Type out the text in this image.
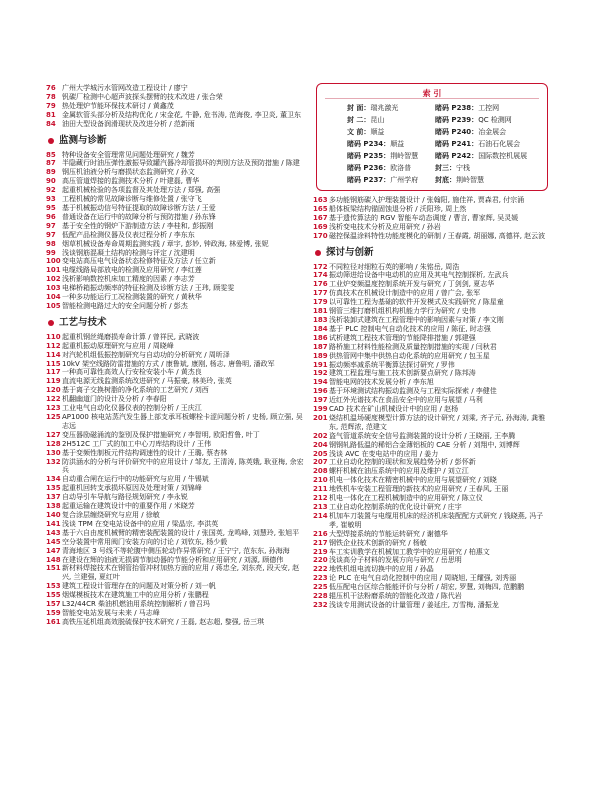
76 广州大学城污水管网改造工程设计 / 廖宁
78 钒碳厂检测中心超声波探头摆臂的技术改进 / 张合荣
79 热处理炉节能环保技术研讨 / 黄鑫茂
81 金属软管头部分析及结构优化 / 宋金花, 牛静, 危书涛, 范海俊, 李卫炎, 董卫东
84 油田大型设备润滑现状及改进分析 / 范新雨
监测与诊断
85 特种设备安全管理常见问题处理研究 / 魏芳
87 半隐藏行时油压弹性激振导致罐汽器冷却管损坏的判别方法及预防措施 / 陈建
89 钢压机油液分析与磨损状态监测研究 / 孙文
90 高压管道焊接的监测技术分析 / 叶建磊, 曹华
92 起重机械检验的各项监督及其处理方法 / 郑强, 高强
93 工程机械的常见故障诊断与维修处置 / 张守飞
95 基于机械振动信号特征提取的故障诊断方法 / 王爱
96 普通设备在运行中的故障分析与预防措施 / 孙东锋
97 基于安全性的钢炉下游制造方法 / 李桂和, 彭振刚
97 低配产品检测仪器及仪表过程分析 / 李东东
98 烟草机械设备寿命周期监测实践 / 章宇, 彭妙, 钟政海, 林爱博, 张妮
99 浅谈钢筋混凝土结构的检测与评定 / 沈建明
100 变电站高压电气设备状态检修特征及方法 / 任立新
101 电缆线路局部放电的检测及应用研究 / 李红莲
102 浅析影响数控机床加工精度的因素 / 李志芳
103 电梯桥箱振动频率的特征检测及诊断方法 / 王玮, 顾雯雯
104 一种多功能运行工况检测装置的研究 / 黄秋华
105 智能检测电路过大的安全问题分析 / 彭杰
工艺与技术
110 起重机钢丝绳磨损寿命计算 / 曾祥民, 武晓波
112 起重机振动原理研究与应用 / 周晓峰
114 对汽轮机组低振控制研究与自动功的分析研究 / 周昕泽
115 10kV 架空线路防雷措施的方式 / 康鲁斌, 康刚, 杨志, 唐鲁明, 潘政军
117 一种高可靠性高效人行安检安装小车 / 黄杰良
119 直流电源无线监测系统改进研究 / 马振豪, 林美玲, 张英
120 基于离子交换树脂的净化系统的工艺研究 / 刘西
122 机翻幽道门的设计及分析 / 李春阳
123 工业电气自动化仪器仪表的控制分析 / 王庆江
125 AP1000 核电站蒸汽发生器上部支承耳板螺栓卡涩问题分析 / 史杨, 顾立强, 吴志远
127 变压器励磁涌流的鉴别及保护措施研究 / 李智明, 欧阳哲鲁, 叶丁
128 2H512C 工厂式的加工中心刀库结构设计 / 王伟
130 基于变频性制板元件结构调速性的设计 / 王璐, 蔡杏林
132 防洪涵水的分析与评价研究中的应用设计 / 邹友, 王清涛, 陈英娥, 耿亚梅, 余宏兵
134 自动重合闸在运行中的功能研究与应用 / 牛锡斌
135 起重机回转支承损坏原因及处理对策 / 刘锦峰
137 自动导引车导航与路径规划研究 / 李永锐
138 起重运输在建筑设计中的重要作用 / 米晓芳
140 复合涂层缠绕研究与应用 / 徐敏
141 浅谈 TPM 在变电站设备中的应用 / 梁晶宗, 李洪英
143 基于六自由度机械臂的精密装配装置的设计 / 张国英, 龙鸣峰, 刘慧玲, 张旭平
145 空分装置中常用阀门安装方向的讨论 / 刘钦东, 杨少毅
147 青海地区 3 号线不等轮腹中侧压轮动作异常研究 / 王宁宁, 范东东, 孙海海
148 在建设在辉的油液无损调节制动器的节能分析和应用研究 / 刘源, 顾德伟
151 新材料焊接技术在钢管抬管冲材加热方面的应用 / 蒋忠全, 刘东亮, 段天安, 赵兴, 兰建强, 夏红叶
153 建筑工程设计管理存在的问题及对策分析 / 刘一帆
155 烟煤模板技术在建筑施工中的应用分析 / 张鹏程
157 L32/44CR 柴油机燃油用系统控制解析 / 曾召玛
159 智能变电站发展与未来 / 马志峰
161 高铁压延机组高效脱硫保护技术研究 / 王磊, 赵志超, 黎强, 岳三琪
索 引
封 面：瑞兆激光
封 二：昆山
文 前：顺益
睹码 P234：顺益
睹码 P235：荆岭智慧
睹码 P236：欧洛普
睹码 P237：广州学府
睹码 P238：工控网
睹码 P239：QC 检测网
睹码 P240：冶金展会
睹码 P241：石油石化展会
睹码 P242：国际数控机展展
封三：宁栈
封底：荆岭智慧
163 多功能钢筋碳入护理装置设计 / 张翰阳, 施佳祥, 贾森君, 付宗涌
165 船体板梁结构锚固蚀退分析 / 沃阳珍, 周上然
167 基于遗传算法的 RGV 智能车动态调度 / 曹言, 曹家辉, 吴灵媛
169 浅析变电技术分析及应用研究 / 孙岩
170 磁控保温涂料特性功能度模化的研制 / 王春霞, 胡丽娜, 高德祥, 赵云波
探讨与创新
172 不同粒径对细粒石英的影响 / 朱铭岳, 周浩
174 振动筛进给设备中电动机的应用及其电气控制探析, 左武兵
176 工业炉变频温度控制系统开发与研究 / 丁剑剑, 夏志华
177 仿真技术在机械设计制造中的应用 / 曾广会, 张军
179 以可靠性工程为基础的软件开发模式及实践研究 / 陈星童
181 钢管三维打磨机组机构机能力学行为研究 / 史伟
183 浅析装卸式建筑在工程管理中的影响因素与对策 / 李文刚
184 基于 PLC 控制电气自动化技术的应用 / 陈征, 时志强
186 试析建筑工程技术管理的节能降排措施 / 郭建强
187 路桥施工材料性能检测及质量控制措施的实现 / 闫秋君
189 供热管网中集中供热自动化系统的应用研究 / 包玉星
191 振动频率减系统平衡算法探讨研究 / 罗伟
192 建筑工程监理与施工技术创新要点研究 / 陈邦涛
194 智能电网的技术发展分析 / 李东旭
196 基于环境测试结构振动监测及与工程实际探索 / 李健佳
197 近红外光谱技术在食品安全中的应用与展望 / 马利
199 CAD 技术在矿山机械设计中的应用 / 赵杨
201 烧结机温场硬度模型计算方法的设计研究 / 刘乘, 齐子元, 孙海涛, 龚雅东, 范辉浓, 范建文
202 盗气管道系统安全信号监测装置的设计分析 / 王晓丽, 王李腾
204 钢钢轧路低温的稀铝合金薄铝板的 CAE 分析 / 刘翔中, 刘博辉
205 浅谈 AVC 在变电站中的应用 / 姜力
207 工业自动化控制的现状和发展趋势分析 / 彭怀新
208 螺杆机械在油压系统中的应用及维护 / 刘立江
210 机电一体化技术在精密机械中的应用与展望研究 / 刘晓
211 地铁机车安装工程管理的新技术的应用研究 / 王春风, 王丽
212 机电一体化在工程机械制造中的应用研究 / 陈立仪
213 工业自动化控制系统的优化设计研究 / 庄宇
214 机加车刀装置与电缆用机床的经济机床装配配方式研究 / 钱晓燕, 冯子孝, 崔敏明
216 大型焊接系统的节能运转研究 / 谢德华
217 钢铁企业技术创新的研究 / 杨敏
219 车工实训教学在机械加工教学中的应用研究 / 柏惠文
220 浅谈高分子材料的发展方向与研究 / 岳思明
222 地铁机组电流切换中的应用 / 孙晶
223 论 PLC 在电气自动化控制中的应用 / 周晓旭, 王耀强, 刘秀丽
225 低压配电台区综合能能评价与分析 / 胡宏, 罗慧, 刘梅四, 范鹏鹏
228 辊压机干法粉磨系统的智能化改造 / 陈代岩
232 浅谈专用测试设备的计量管理 / 姜延庄, 万雪梅, 潘振龙
